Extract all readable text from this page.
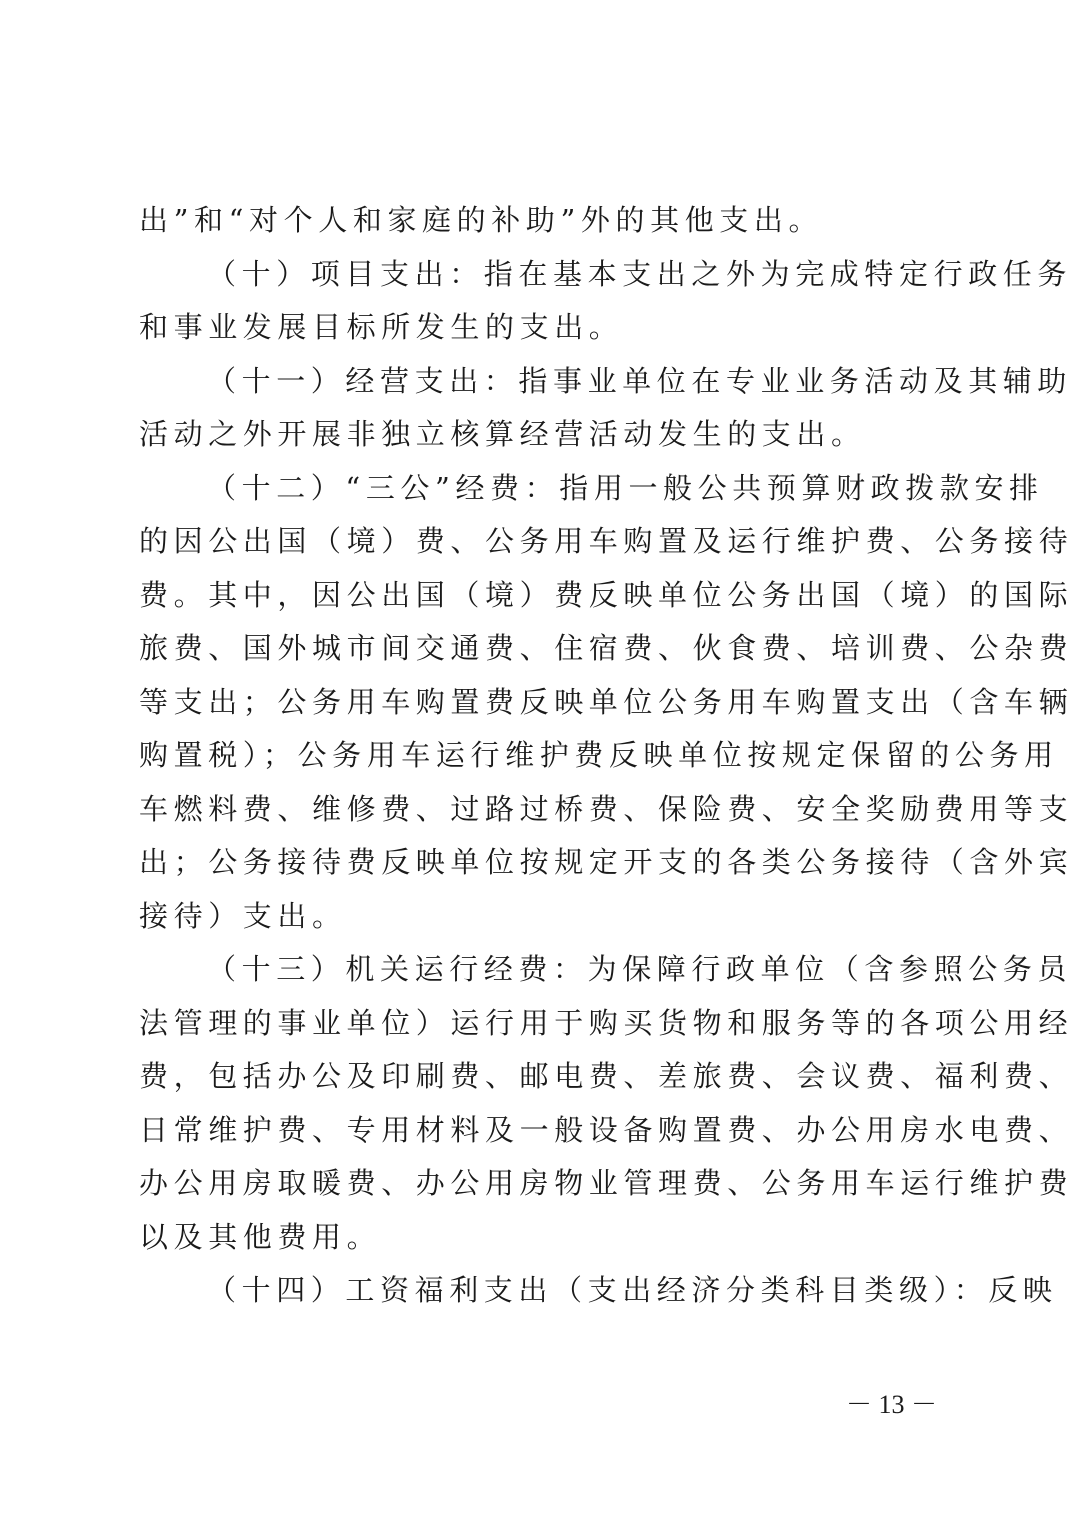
出”和“对个人和家庭的补助”外的其他支出。
（十）项目支出：指在基本支出之外为完成特定行政任务
和事业发展目标所发生的支出。
（十一）经营支出：指事业单位在专业业务活动及其辅助
活动之外开展非独立核算经营活动发生的支出。
（十二）“三公”经费：指用一般公共预算财政拨款安排
的因公出国（境）费、公务用车购置及运行维护费、公务接待
费。其中，因公出国（境）费反映单位公务出国（境）的国际
旅费、国外城市间交通费、住宿费、伙食费、培训费、公杂费
等支出；公务用车购置费反映单位公务用车购置支出（含车辆
购置税）；公务用车运行维护费反映单位按规定保留的公务用
车燃料费、维修费、过路过桥费、保险费、安全奖励费用等支
出；公务接待费反映单位按规定开支的各类公务接待（含外宾
接待）支出。
（十三）机关运行经费：为保障行政单位（含参照公务员
法管理的事业单位）运行用于购买货物和服务等的各项公用经
费，包括办公及印刷费、邮电费、差旅费、会议费、福利费、
日常维护费、专用材料及一般设备购置费、办公用房水电费、
办公用房取暖费、办公用房物业管理费、公务用车运行维护费
以及其他费用。
（十四）工资福利支出（支出经济分类科目类级）：反映
－ 13 －
